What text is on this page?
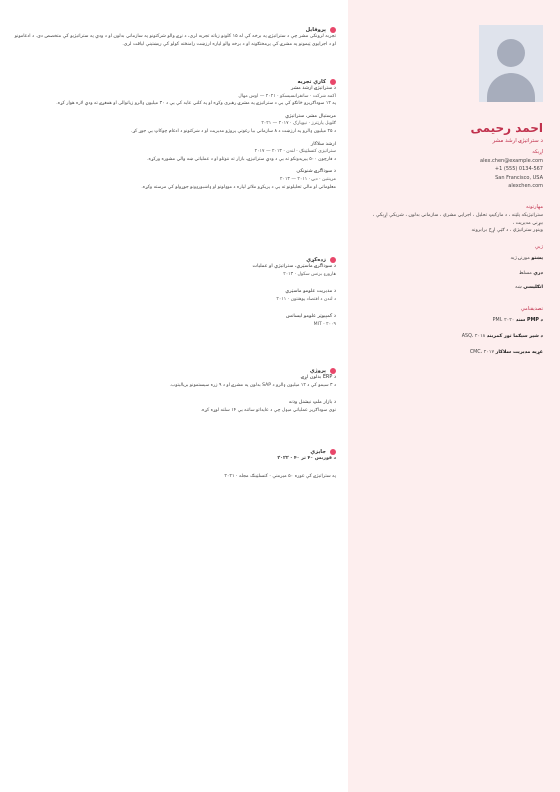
احمد رحیمی
د ستراتیژۍ ارشد مشر
اړیکه
alex.chen@example.com
+1 (555) 0134-567
San Francisco, USA
alexchen.com
مهارتونه
ستراتیژیکه پلټنه ، د مارکېټ تحلیل ، اجرایي مشري ، سازماني بدلون ، شریکې اړیکې ، بیړني مدیریت ،
وینډر ستراتیژي ، د ګټې اړخ برابرونه
ژبې
پښتو مورنۍ ژبه
دري مسلط
انګلیسي ښه
تصدیقنامې
د PMP سند PMI، ۲۰۲۰
د شپږ سیګما تور کمربند ASQ، ۲۰۱۸
غړیه مدیریت سلاکار CMC، ۲۰۱۷
پروفایل
تجربه‌ لرونکی مشر چې د ستراتیژۍ په برخه کې له ۱۵ کلونو زیاته تجربه لري، د نړۍ‌ والو شرکتونو په سازماني بدلون او د ودې په ستراتیژیو کې متخصص دی. د ادغامونو
او د اجرایوي ټیمونو په مشرۍ کې پرمختګونه او د برخه‌ والو لپاره ارزښت رامنځته کولو کې ریښتینې لیاقت لري.
کاري تجربه
د ستراتیژۍ ارشد مشر
اکمه شرکت · سانفرانسیسکو · ۲۰۲۱ — اوس مهال
په ۱۲ سوداګریزو څانګو کې یې د ستراتیژۍ په مشرۍ رهبري وکړه او په کلني عاید کې یې د ۳۰ میلیون ډالرو زیاتوالی او همغږۍ ته ودې لاره هوار کړه.
مرستیال مشر، ستراتیژي
ګلوبل پارټنرز · نیویارک · ۲۰۱۷ — ۲۰۲۱
د ۲۵ میلیون ډالرو په ارزښت د ۸ سازماني بیا رغونې پروژو مدیریت او د شرکتونو د ادغام چوکاټ یې جوړ کړ.
ارشد سلاکار
ستراتیژي کنسلټینګ · لندن · ۲۰۱۳ — ۲۰۱۷
د فارچون ۵۰۰ پېرېدونکو ته یې د ودې ستراتیژۍ، بازار ته ننوتلو او د عملیاتي ښه والي مشوره ورکړه.
د سوداګرۍ شنونکی
مرینتین · دبۍ · ۲۰۱۱ — ۲۰۱۳
معلوماتي او مالي تحلیلونو ته یې د پرېکړو ملاتړ لپاره د موډلونو او ډاشبورډونو جوړولو کې مرسته وکړه.
زده‌کړې
د سوداګرۍ ماسټري، ستراتیژي او عملیات
هارورډ بزنس سکول · ۲۰۱۳
د مدیریت علومو ماسټري
د لندن د اقتصاد پوهنتون · ۲۰۱۱
د کمپیوټر علومو لیسانس
MIT · ۲۰۰۹
پروژې
د ERP بدلون لړۍ
د ۳ سیمو کې د ۱۲ میلیون ډالرو د SAP بدلون په مشرۍ او د ۹ زره سیستمونو بریالیتوب.
د بازار ملټ نیشنل ودنه
نوي سوداګریز عملیاتي میډل چې د عایداتو ساتنه یې ۱۴ سلنه لوړه کړه.
جایزې
د فوربس ۴۰ تر ۴۰ · ۲۰۲۲
په ستراتیژۍ کې غوره ۵۰ مېرمنې · کنسلټینګ مجله · ۲۰۲۱
